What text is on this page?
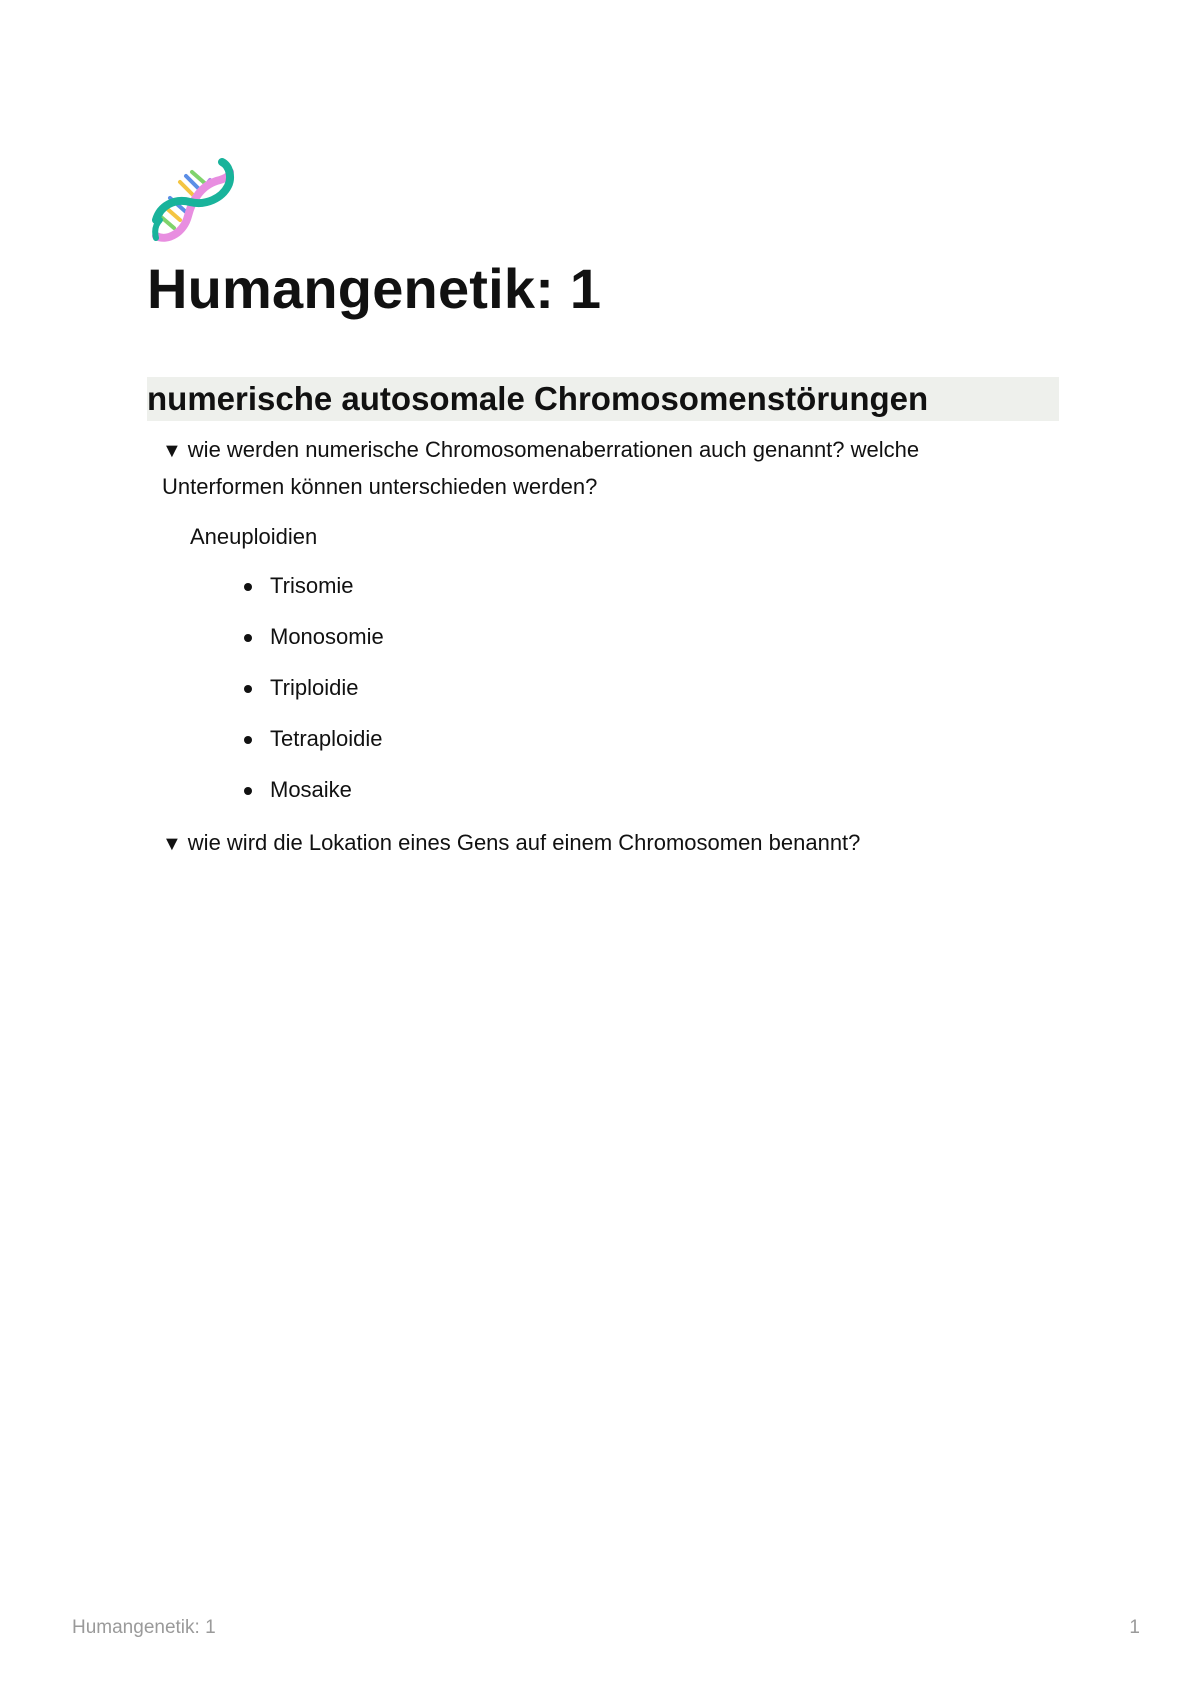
Humangenetik: 1
numerische autosomale Chromosomenstörungen
▼ wie werden numerische Chromosomenaberrationen auch genannt? welche Unterformen können unterschieden werden?
Aneuploidien
Trisomie
Monosomie
Triploidie
Tetraploidie
Mosaike
▼ wie wird die Lokation eines Gens auf einem Chromosomen benannt?
Humangenetik: 1	1
